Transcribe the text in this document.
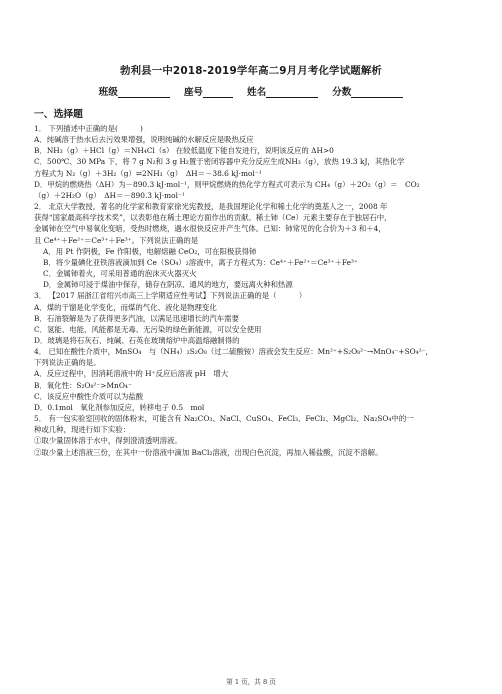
勃利县一中2018-2019学年高二9月月考化学试题解析
班级	座号	姓名	分数
一、选择题

1． 下列描述中正确的是(　　　)

A．纯碱溶于热水后去污效果增强，说明纯碱的水解反应是吸热反应

B．NH₃（g）＋HCl（g）＝NH₄Cl（s） 在较低温度下能自发进行，说明该反应的 ΔH>0

C．500℃、30 MPa 下，将 7 g N₂和 3 g H₂置于密闭容器中充分反应生成NH₃（g），放热 19.3 kJ，其热化学

方程式为 N₂（g）＋3H₂（g）⇌2NH₃（g）　ΔH＝－38.6 kJ·mol⁻¹

D．甲烷的燃烧热（ΔH）为－890.3 kJ·mol⁻¹，则甲烷燃烧的热化学方程式可表示为 CH₄（g）＋2O₂（g）＝　CO₂

（g）＋2H₂O（g）　ΔH＝－890.3 kJ·mol⁻¹

2． 北京大学教授，著名的化学家和教育家徐光宪教授，是我国理论化学和稀土化学的奠基人之一，2008 年

获得“国家最高科学技术奖”，以表彰他在稀土理论方面作出的贡献。稀土铈（Ce）元素主要存在于独居石中，

金属铈在空气中易氧化变暗，受热时燃烧，遇水很快反应并产生气体。已知：铈常见的化合价为＋3 和＋4，

且 Ce⁴⁺＋Fe²⁺＝Ce³⁺＋Fe³⁺。下列说法正确的是

A．用 Pt 作阴极，Fe 作阳极，电解熔融 CeO₂，可在阳极获得铈

B．将少量碘化亚铁溶液滴加到 Ce（SO₄）₂溶液中，离子方程式为：Ce⁴⁺＋Fe²⁺＝Ce³⁺＋Fe³⁺

C．金属铈着火，可采用普通的泡沫灭火器灭火

D．金属铈可浸于煤油中保存，储存在阴凉、通风的地方，要远离火种和热源

3． 【2017 届浙江省绍兴市高三上学期适应性考试】下列说法正确的是（　　　）

A．煤的干馏是化学变化，而煤的气化、液化是物理变化

B．石油裂解是为了获得更多汽油，以满足迅速增长的汽车需要

C．氢能、电能、风能都是无毒、无污染的绿色新能源，可以安全使用

D．玻璃是将石灰石、纯碱、石英在玻璃熔炉中高温熔融制得的

4． 已知在酸性介质中，MnSO₄　与（NH₄）₂S₂O₈（过二硫酸铵）溶液会发生反应：Mn²⁺+S₂O₈²⁻→MnO₄⁻+SO₄²⁻，

下列说法正确的是。

A．反应过程中，因消耗溶液中的 H⁺反应后溶液 pH　增大

B．氧化性：S₂O₈²⁻>MnO₄⁻

C．该反应中酸性介质可以为盐酸

D．0.1mol　氧化剂参加反应，转移电子 0.5　mol

5． 有一包实验室回收的固体粉末，可能含有 Na₂CO₃、NaCl、CuSO₄、FeCl₃、FeCl₂、MgCl₂、Na₂SO₄中的一

种或几种，现进行如下实验：

①取少量固体溶于水中，得到澄清透明溶液。

②取少量上述溶液三份，在其中一份溶液中滴加 BaCl₂溶液，出现白色沉淀，再加入稀盐酸，沉淀不溶解。

第 1 页，共 8 页
